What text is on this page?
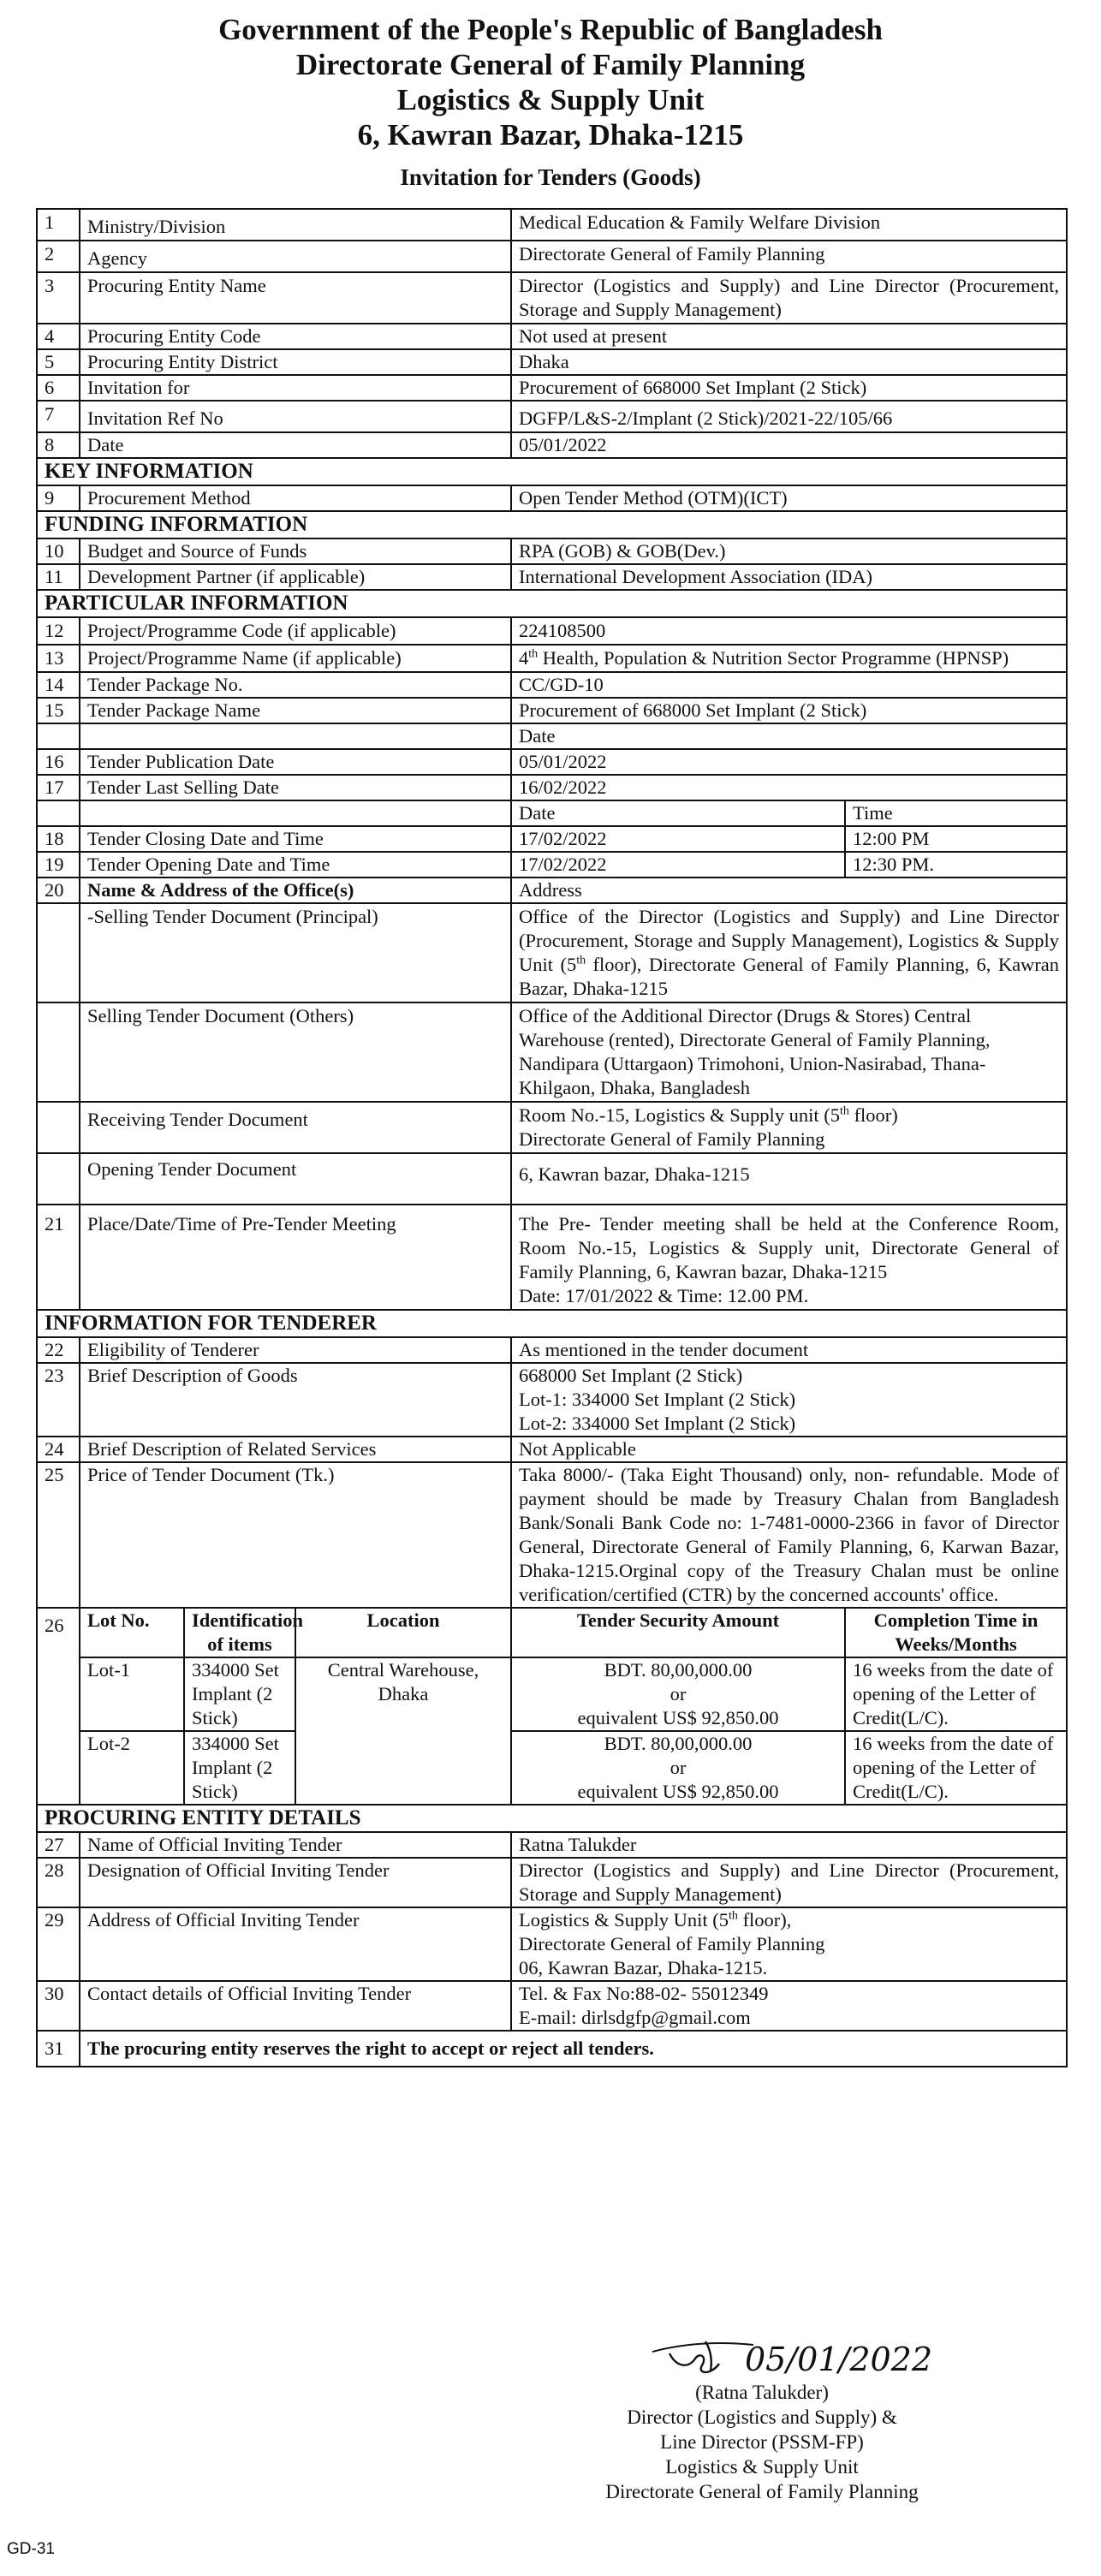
Government of the People's Republic of Bangladesh
Directorate General of Family Planning
Logistics & Supply Unit
6, Kawran Bazar, Dhaka-1215
Invitation for Tenders (Goods)
1	Ministry/Division			Medical Education & Family Welfare Division	
2	Agency			Directorate General of Family Planning	
3	Procuring Entity Name			Director (Logistics and Supply) and Line Director (Procurement, Storage and Supply Management)	
4	Procuring Entity Code			Not used at present	
5	Procuring Entity District			Dhaka	
6	Invitation for			Procurement of 668000 Set Implant (2 Stick)	
7	Invitation Ref No			DGFP/L&S-2/Implant (2 Stick)/2021-22/105/66	
8	Date			05/01/2022	
KEY INFORMATION					
9	Procurement Method			Open Tender Method (OTM)(ICT)	
FUNDING INFORMATION					
10	Budget and Source of Funds			RPA (GOB) & GOB(Dev.)	
11	Development Partner (if applicable)			International Development Association (IDA)	
PARTICULAR INFORMATION					
12	Project/Programme Code (if applicable)			224108500	
13	Project/Programme Name (if applicable)			4th Health, Population & Nutrition Sector Programme (HPNSP)	
14	Tender Package No.			CC/GD-10	
15	Tender Package Name			Procurement of 668000 Set Implant (2 Stick)	
				Date	
16	Tender Publication Date			05/01/2022	
17	Tender Last Selling Date			16/02/2022	
				Date	Time
18	Tender Closing Date and Time			17/02/2022	12:00 PM
19	Tender Opening Date and Time			17/02/2022	12:30 PM.
20	Name & Address of the Office(s)			Address	
	-Selling Tender Document (Principal)			Office of the Director (Logistics and Supply) and Line Director (Procurement, Storage and Supply Management), Logistics & Supply Unit (5th floor), Directorate General of Family Planning, 6, Kawran Bazar, Dhaka-1215	
	Selling Tender Document (Others)			Office of the Additional Director (Drugs & Stores) Central Warehouse (rented), Directorate General of Family Planning, Nandipara (Uttargaon) Trimohoni, Union-Nasirabad, Thana- Khilgaon, Dhaka, Bangladesh	
	Receiving Tender Document			Room No.-15, Logistics & Supply unit (5th floor)
Directorate General of Family Planning	
	Opening Tender Document			6, Kawran bazar, Dhaka-1215	
21	Place/Date/Time of Pre-Tender Meeting			The Pre- Tender meeting shall be held at the Conference Room, Room No.-15, Logistics & Supply unit, Directorate General of Family Planning, 6, Kawran bazar, Dhaka-1215
Date: 17/01/2022 & Time: 12.00 PM.	
INFORMATION FOR TENDERER					
22	Eligibility of Tenderer			As mentioned in the tender document	
23	Brief Description of Goods			668000 Set Implant (2 Stick)
Lot-1: 334000 Set Implant (2 Stick)
Lot-2: 334000 Set Implant (2 Stick)	
24	Brief Description of Related Services			Not Applicable	
25	Price of Tender Document (Tk.)			Taka 8000/- (Taka Eight Thousand) only, non- refundable. Mode of payment should be made by Treasury Chalan from Bangladesh Bank/Sonali Bank Code no: 1-7481-0000-2366 in favor of Director General, Directorate General of Family Planning, 6, Karwan Bazar, Dhaka-1215.Orginal copy of the Treasury Chalan must be online verification/certified (CTR) by the concerned accounts' office.	
26	Lot No.	Identification of items	Location	Tender Security Amount	Completion Time in Weeks/Months
	Lot-1	334000 Set Implant (2 Stick)	Central Warehouse, Dhaka	BDT. 80,00,000.00
or
equivalent US$ 92,850.00	16 weeks from the date of opening of the Letter of Credit(L/C).
	Lot-2	334000 Set Implant (2 Stick)		BDT. 80,00,000.00
or
equivalent US$ 92,850.00	16 weeks from the date of opening of the Letter of Credit(L/C).
PROCURING ENTITY DETAILS					
27	Name of Official Inviting Tender			Ratna Talukder	
28	Designation of Official Inviting Tender			Director (Logistics and Supply) and Line Director (Procurement, Storage and Supply Management)	
29	Address of Official Inviting Tender			Logistics & Supply Unit (5th floor),
Directorate General of Family Planning
06, Kawran Bazar, Dhaka-1215.	
30	Contact details of Official Inviting Tender			Tel. & Fax No:88-02- 55012349
E-mail: dirlsdgfp@gmail.com	
31	The procuring entity reserves the right to accept or reject all tenders.				
05/01/2022
(Ratna Talukder)
Director (Logistics and Supply) &
Line Director (PSSM-FP)
Logistics & Supply Unit
Directorate General of Family Planning
GD-31
